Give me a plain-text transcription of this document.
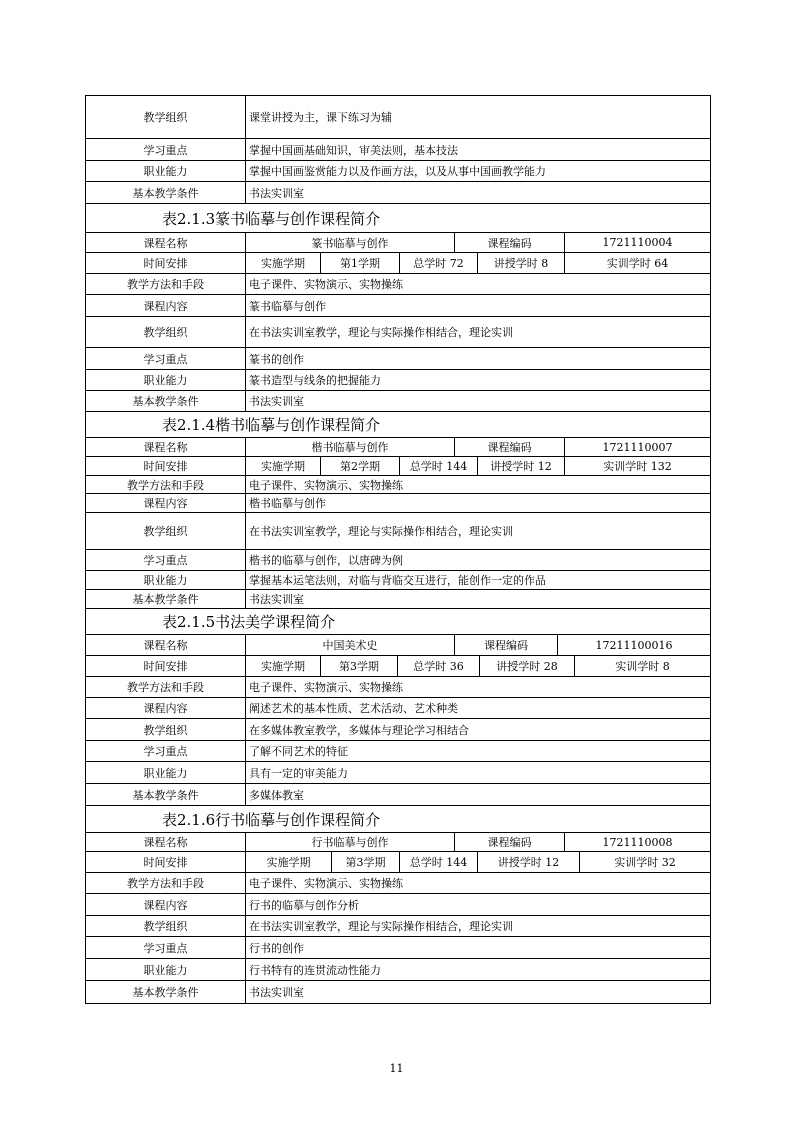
教学组织	课堂讲授为主，课下练习为辅
学习重点	掌握中国画基础知识，审美法则，基本技法
职业能力	掌握中国画鉴赏能力以及作画方法，以及从事中国画教学能力
基本教学条件	书法实训室
表2.1.3篆书临摹与创作课程简介
课程名称	篆书临摹与创作	课程编码	1721110004
时间安排	实施学期	第1学期	总学时 72	讲授学时 8	实训学时 64
教学方法和手段	电子课件、实物演示、实物操练
课程内容	篆书临摹与创作
教学组织	在书法实训室教学，理论与实际操作相结合，理论实训
学习重点	篆书的创作
职业能力	篆书造型与线条的把握能力
基本教学条件	书法实训室
表2.1.4楷书临摹与创作课程简介
课程名称	楷书临摹与创作	课程编码	1721110007
时间安排	实施学期	第2学期	总学时 144	讲授学时 12	实训学时 132
教学方法和手段	电子课件、实物演示、实物操练
课程内容	楷书临摹与创作
教学组织	在书法实训室教学，理论与实际操作相结合，理论实训
学习重点	楷书的临摹与创作，以唐碑为例
职业能力	掌握基本运笔法则，对临与背临交互进行，能创作一定的作品
基本教学条件	书法实训室
表2.1.5书法美学课程简介
课程名称	中国美术史	课程编码	17211100016
时间安排	实施学期	第3学期	总学时 36	讲授学时 28	实训学时 8
教学方法和手段	电子课件、实物演示、实物操练
课程内容	阐述艺术的基本性质、艺术活动、艺术种类
教学组织	在多媒体教室教学，多媒体与理论学习相结合
学习重点	了解不同艺术的特征
职业能力	具有一定的审美能力
基本教学条件	多媒体教室
表2.1.6行书临摹与创作课程简介
课程名称	行书临摹与创作	课程编码	1721110008
时间安排	实施学期	第3学期	总学时 144	讲授学时 12	实训学时 32
教学方法和手段	电子课件、实物演示、实物操练
课程内容	行书的临摹与创作分析
教学组织	在书法实训室教学，理论与实际操作相结合，理论实训
学习重点	行书的创作
职业能力	行书特有的连贯流动性能力
基本教学条件	书法实训室
11
